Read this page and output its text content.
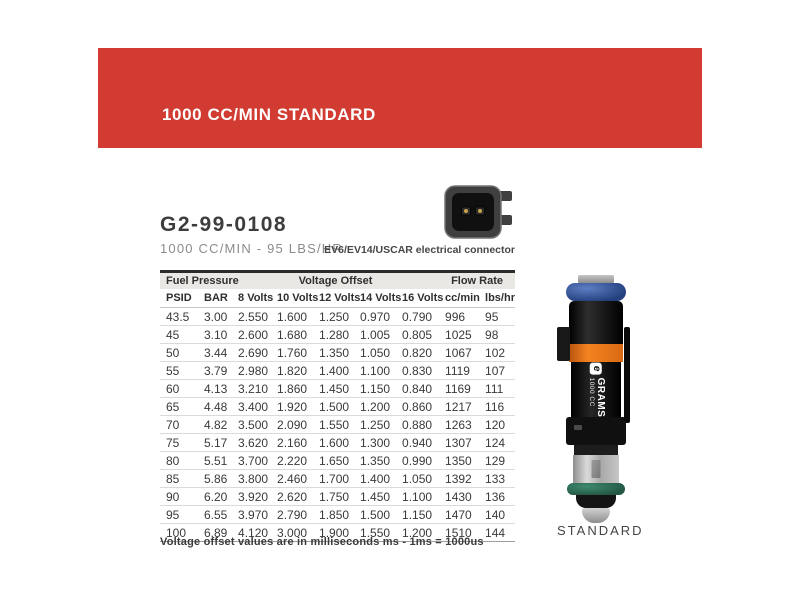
1000 CC/MIN STANDARD
G2-99-0108
1000 CC/MIN - 95 LBS/HR
EV6/EV14/USCAR electrical connector
Fuel Pressure		Voltage Offset					Flow Rate	
PSID	BAR	8 Volts	10 Volts	12 Volts	14 Volts	16 Volts	cc/min	lbs/hr
43.5	3.00	2.550	1.600	1.250	0.970	0.790	996	95
45	3.10	2.600	1.680	1.280	1.005	0.805	1025	98
50	3.44	2.690	1.760	1.350	1.050	0.820	1067	102
55	3.79	2.980	1.820	1.400	1.100	0.830	1119	107
60	4.13	3.210	1.860	1.450	1.150	0.840	1169	111
65	4.48	3.400	1.920	1.500	1.200	0.860	1217	116
70	4.82	3.500	2.090	1.550	1.250	0.880	1263	120
75	5.17	3.620	2.160	1.600	1.300	0.940	1307	124
80	5.51	3.700	2.220	1.650	1.350	0.990	1350	129
85	5.86	3.800	2.460	1.700	1.400	1.050	1392	133
90	6.20	3.920	2.620	1.750	1.450	1.100	1430	136
95	6.55	3.970	2.790	1.850	1.500	1.150	1470	140
100	6.89	4.120	3.000	1.900	1.550	1.200	1510	144
Voltage offset values are in milliseconds ms - 1ms = 1000us
e
GRAMS
1000 CC
STANDARD
